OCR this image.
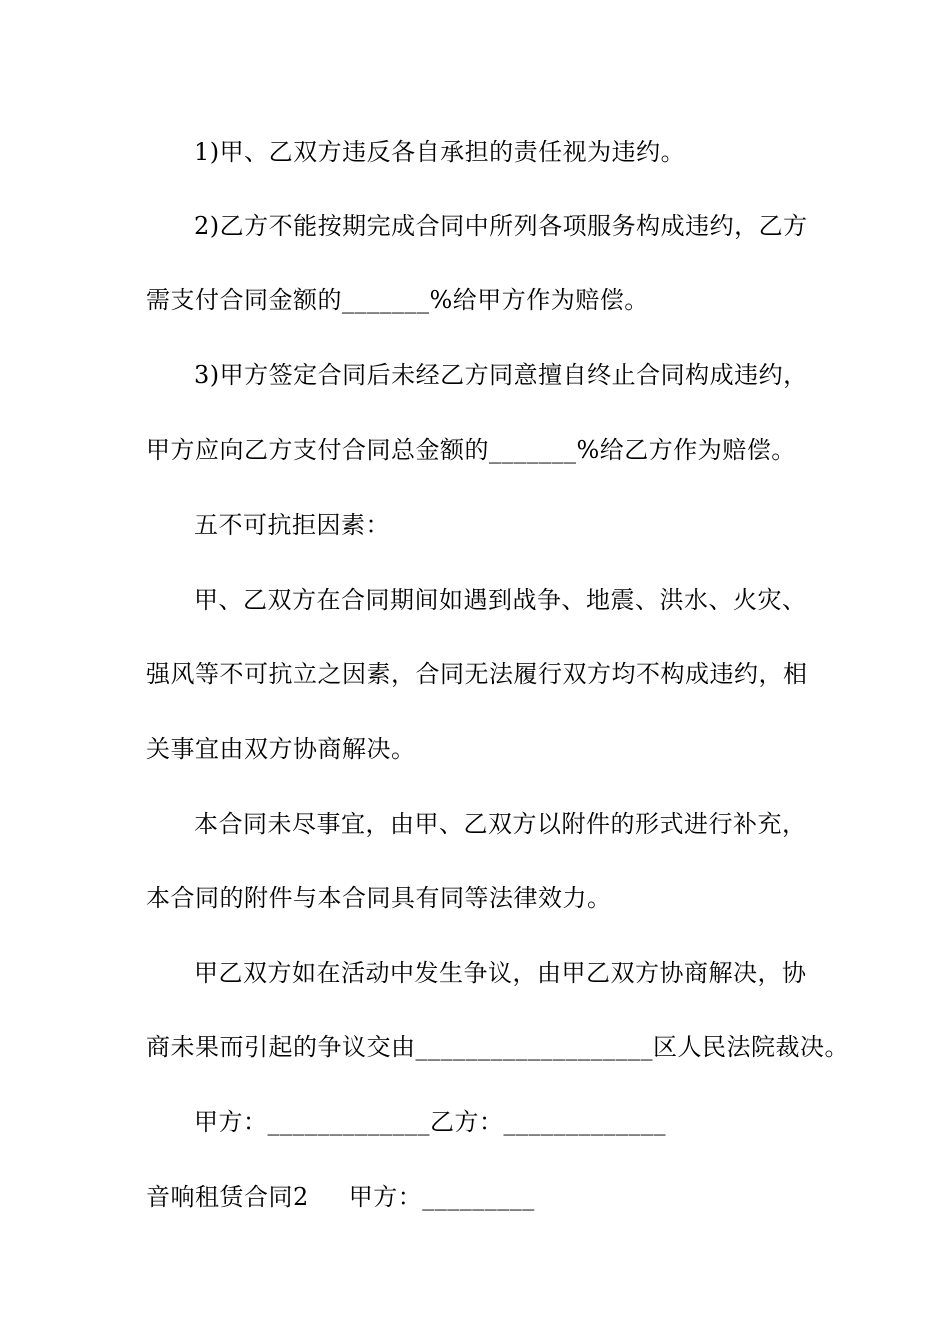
1)甲、乙双方违反各自承担的责任视为违约。
2)乙方不能按期完成合同中所列各项服务构成违约，乙方
需支付合同金额的_______%给甲方作为赔偿。
3)甲方签定合同后未经乙方同意擅自终止合同构成违约，
甲方应向乙方支付合同总金额的_______%给乙方作为赔偿。
五不可抗拒因素：
甲、乙双方在合同期间如遇到战争、地震、洪水、火灾、
强风等不可抗立之因素，合同无法履行双方均不构成违约，相
关事宜由双方协商解决。
本合同未尽事宜，由甲、乙双方以附件的形式进行补充，
本合同的附件与本合同具有同等法律效力。
甲乙双方如在活动中发生争议，由甲乙双方协商解决，协
商未果而引起的争议交由___________________区人民法院裁决。
甲方：_____________乙方：_____________
音响租赁合同2 甲方：_________
